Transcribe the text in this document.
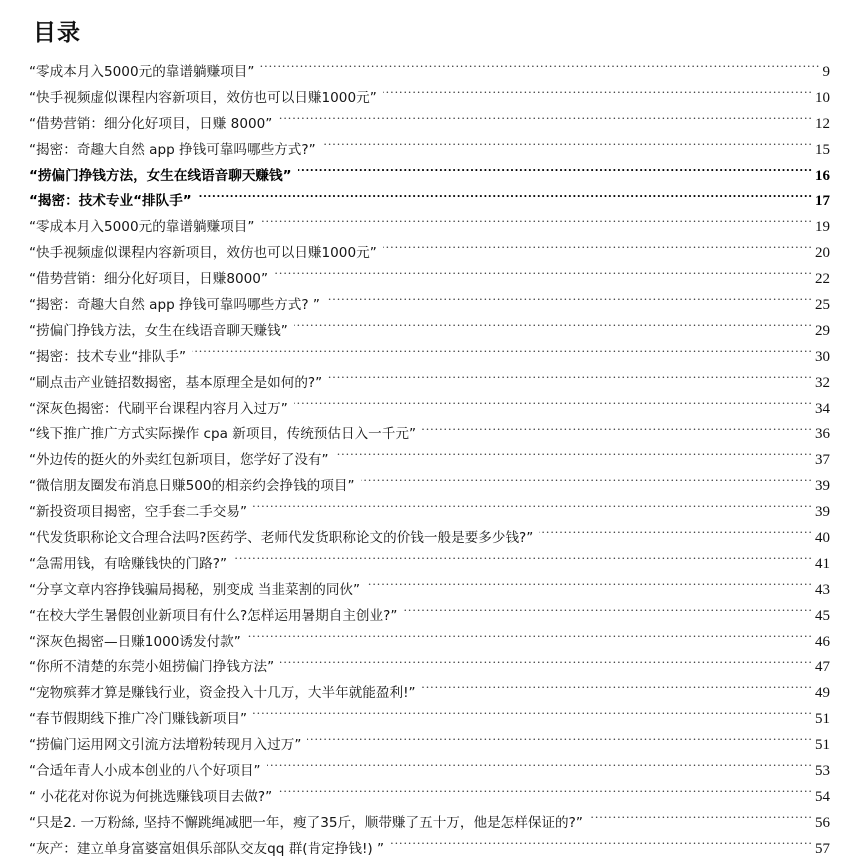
目录
“零成本月入5000元的靠谱躺赚项目” .....	9
“快手视频虚似课程内容新项目，效仿也可以日赚1000元” .....	10
“借势营销：细分化好项目，日赚 8000” .....	12
“揭密：奇趣大自然 app 挣钱可靠吗哪些方式?” .....	15
“捞偏门挣钱方法，女生在线语音聊天赚钱” .....	16
“揭密：技术专业“排队手” .....	17
“零成本月入5000元的靠谱躺赚项目” .....	19
“快手视频虚似课程内容新项目，效仿也可以日赚1000元” .....	20
“借势营销：细分化好项目，日赚8000” .....	22
“揭密：奇趣大自然 app 挣钱可靠吗哪些方式? ” .....	25
“捞偏门挣钱方法，女生在线语音聊天赚钱” .....	29
“揭密：技术专业“排队手” .....	30
“刷点击产业链招数揭密，基本原理全是如何的?” .....	32
“深灰色揭密：代刷平台课程内容月入过万” .....	34
“线下推广推广方式实际操作 cpa 新项目，传统预估日入一千元” .....	36
“外边传的挺火的外卖红包新项目，您学好了没有” .....	37
“微信朋友圈发布消息日赚500的相亲约会挣钱的项目” .....	39
“新投资项目揭密，空手套二手交易” .....	39
“代发货职称论文合理合法吗?医药学、老师代发货职称论文的价钱一般是要多少钱?” .....	40
“急需用钱，有啥赚钱快的门路?” .....	41
“分享文章内容挣钱骗局揭秘，别变成 当韭菜割的同伙” .....	43
“在校大学生暑假创业新项目有什么?怎样运用暑期自主创业?” .....	45
“深灰色揭密—日赚1000诱发付款” .....	46
“你所不清楚的东莞小姐捞偏门挣钱方法” .....	47
“宠物殡葬才算是赚钱行业，资金投入十几万，大半年就能盈利!” .....	49
“春节假期线下推广冷门赚钱新项目” .....	51
“捞偏门运用网文引流方法增粉转现月入过万” .....	51
“合适年青人小成本创业的八个好项目” .....	53
“ 小花花对你说为何挑选赚钱项目去做?” .....	54
“只是2. 一万粉絲, 坚持不懈跳绳减肥一年，瘦了35斤，顺带赚了五十万，他是怎样保证的?” .....	56
“灰产：建立单身富婆富姐俱乐部队交友qq 群(肯定挣钱!) ” .....	57
